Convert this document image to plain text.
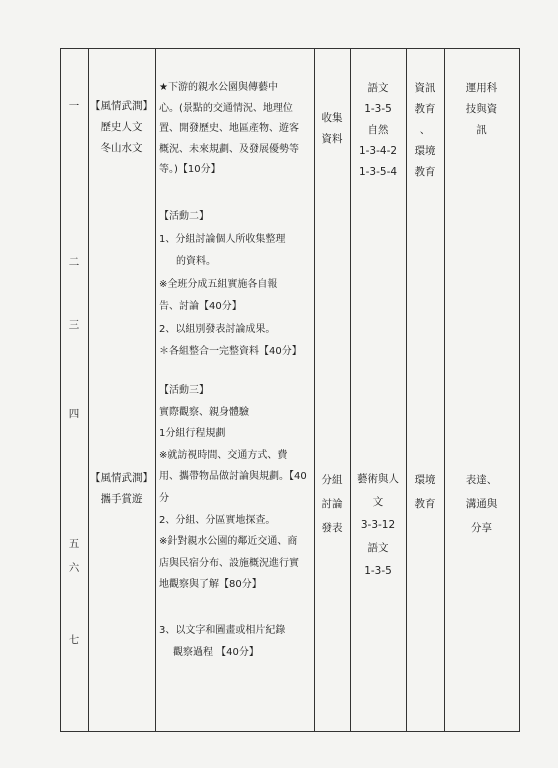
一
二
三
四
五
六
七
【風情武澗】
歷史人文
冬山水文
★下游的親水公園與傳藝中
心。(景點的交通情況、地理位
置、開發歷史、地區產物、遊客
概況、未來規劃、及發展優勢等
等。)【10分】
收集
資料
語文
1-3-5
自然
1-3-4-2
1-3-5-4
資訊
教育
、
環境
教育
運用科
技與資
訊
【活動二】
1、分組討論個人所收集整理
的資料。
※全班分成五組實施各自報
告、討論【40分】
2、以組別發表討論成果。
＊各組整合一完整資料【40分】
【風情武澗】
攜手賞遊
【活動三】
實際觀察、親身體驗
1分組行程規劃
※就訪視時間、交通方式、費
用、攜帶物品做討論與規劃。【40
分
2、分組、分區實地探查。
※針對親水公園的鄰近交通、商
店與民宿分布、設施概況進行實
地觀察與了解【80分】
3、以文字和圖畫或相片紀錄
觀察過程 【40分】
分組
討論
發表
藝術與人
文
3-3-12
語文
1-3-5
環境
教育
表達、
溝通與
分享
